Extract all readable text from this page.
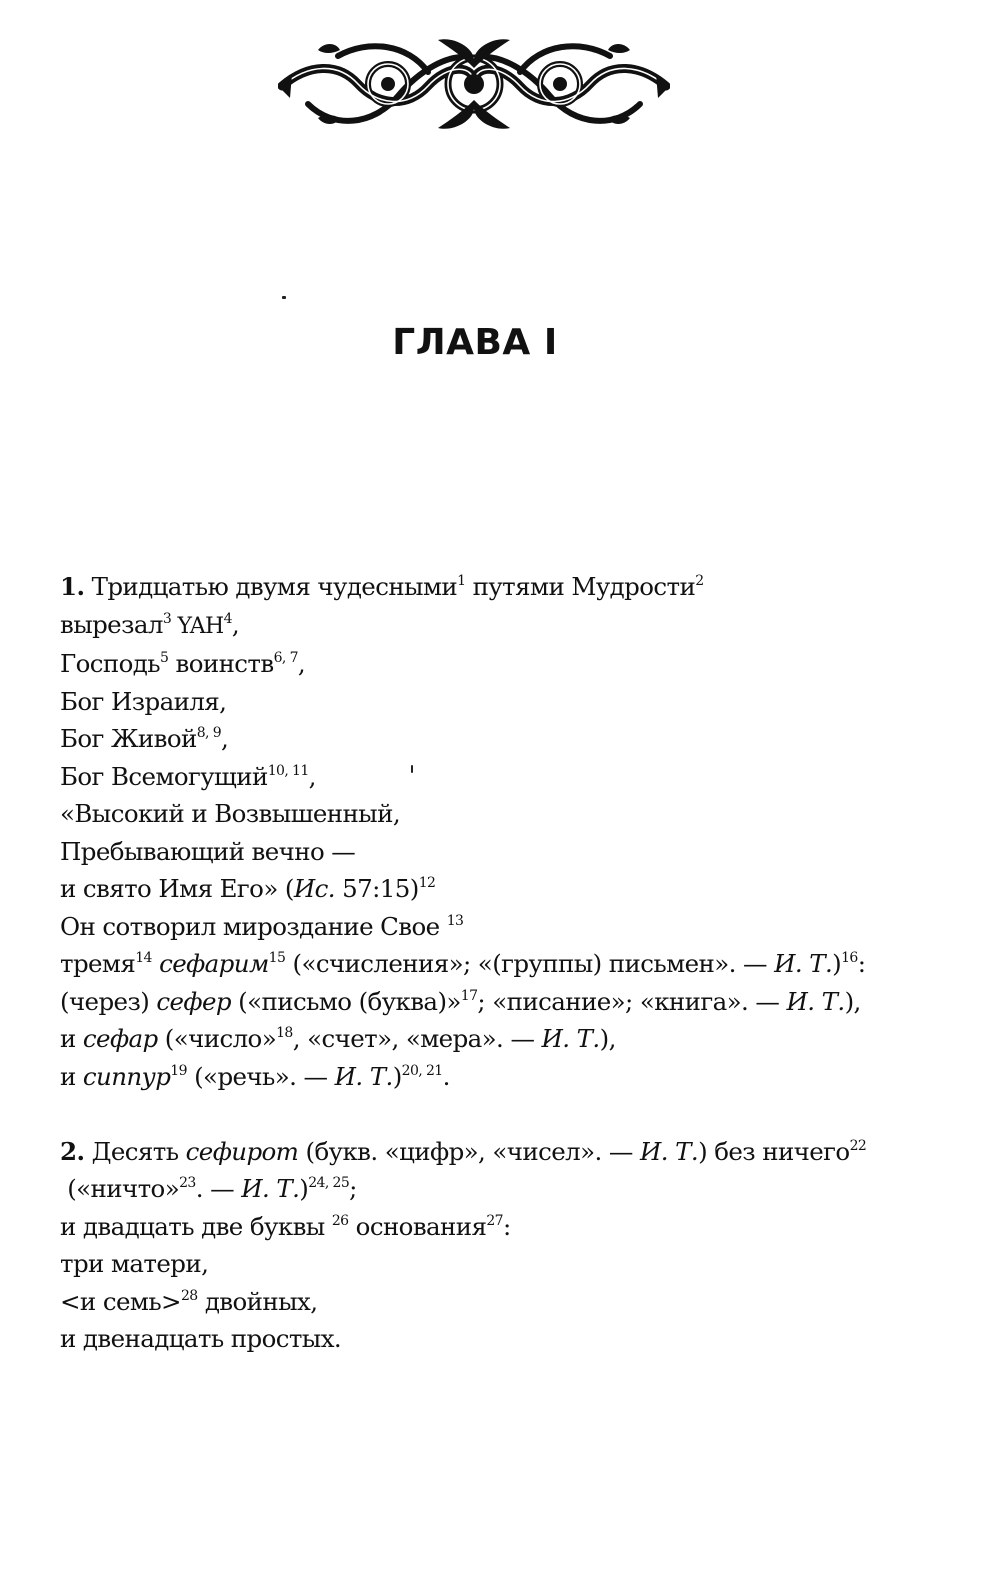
ГЛАВА I
1. Тридцатью двумя чудесными$^1$ путями Мудрости$^2$
вырезал$^3$ YAH$^4$,
Господь$^5$ воинств$^{6, 7}$,
Бог Израиля,
Бог Живой$^{8, 9}$,
Бог Всемогущий$^{10, 11}$,
«Высокий и Возвышенный,
Пребывающий вечно —
и свято Имя Его» (Ис. 57:15)$^{12}$
Он сотворил мироздание Свое $^{13}$
тремя$^{14}$ сефарим$^{15}$ («счисления»; «(группы) письмен». — И. Т.)$^{16}$:
(через) сефер («письмо (буква)»$^{17}$; «писание»; «книга». — И. Т.),
и сефар («число»$^{18}$, «счет», «мера». — И. Т.),
и сиппур$^{19}$ («речь». — И. Т.)$^{20, 21}$.
2. Десять сефирот (букв. «цифр», «чисел». — И. Т.) без ничего$^{22}$
(«ничто»$^{23}$. — И. Т.)$^{24, 25}$;
и двадцать две буквы $^{26}$ основания$^{27}$:
три матери,
<и семь>$^{28}$ двойных,
и двенадцать простых.
